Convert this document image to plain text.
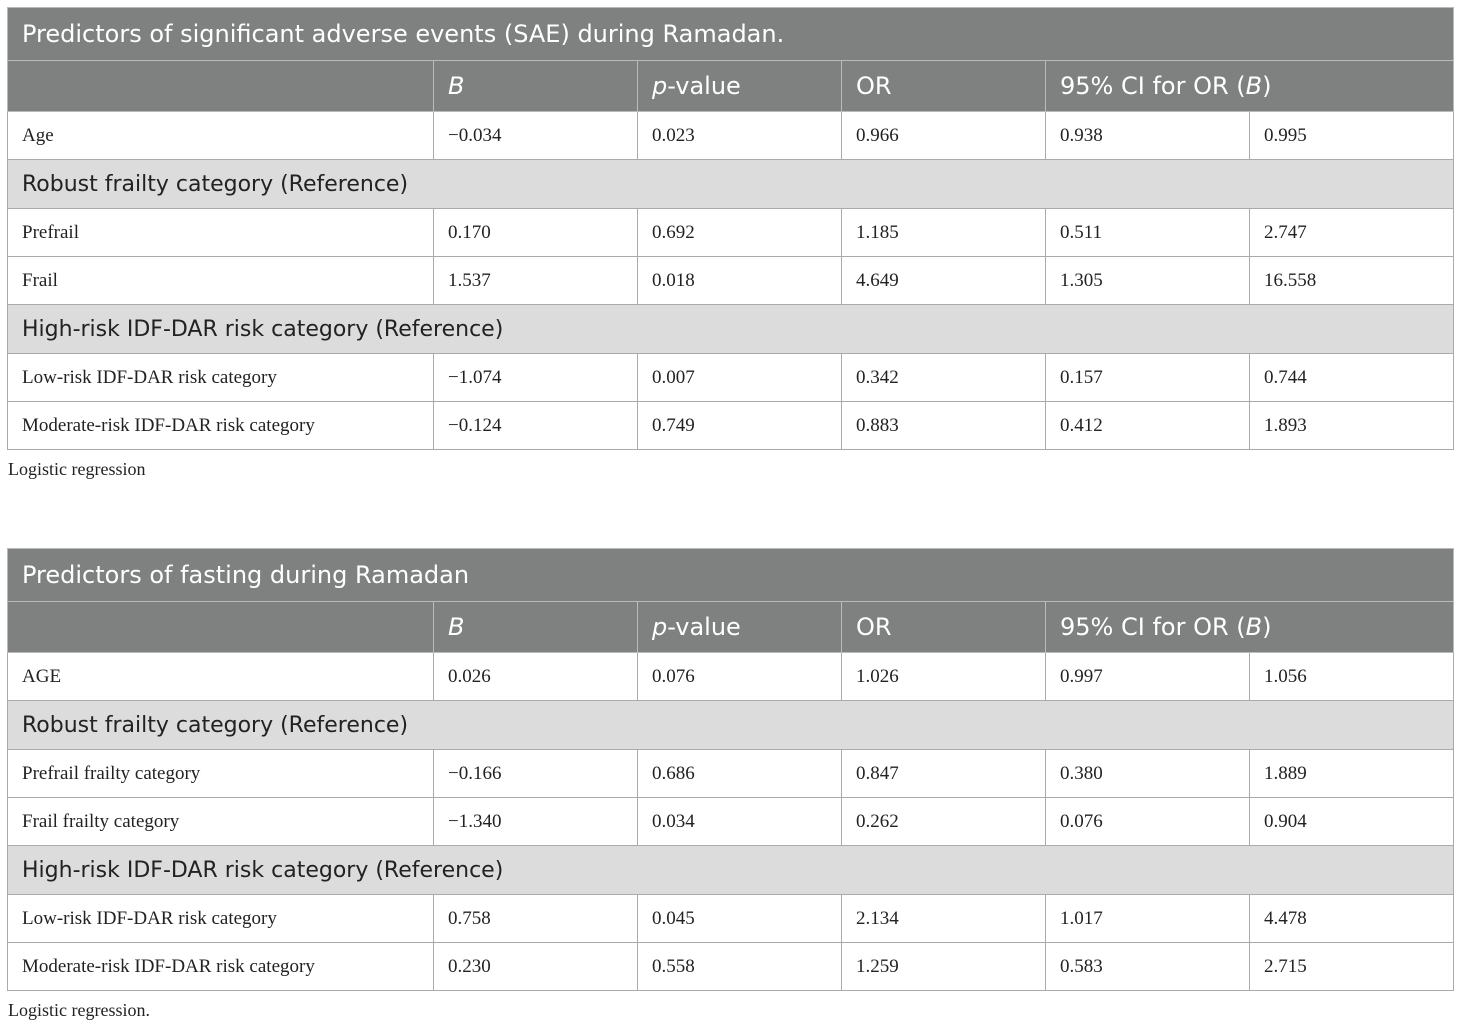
Predictors of significant adverse events (SAE) during Ramadan.					
	B	p-value	OR	95% CI for OR (B)	
Age	−0.034	0.023	0.966	0.938	0.995
Robust frailty category (Reference)					
Prefrail	0.170	0.692	1.185	0.511	2.747
Frail	1.537	0.018	4.649	1.305	16.558
High-risk IDF-DAR risk category (Reference)					
Low-risk IDF-DAR risk category	−1.074	0.007	0.342	0.157	0.744
Moderate-risk IDF-DAR risk category	−0.124	0.749	0.883	0.412	1.893
Logistic regression
Predictors of fasting during Ramadan					
	B	p-value	OR	95% CI for OR (B)	
AGE	0.026	0.076	1.026	0.997	1.056
Robust frailty category (Reference)					
Prefrail frailty category	−0.166	0.686	0.847	0.380	1.889
Frail frailty category	−1.340	0.034	0.262	0.076	0.904
High-risk IDF-DAR risk category (Reference)					
Low-risk IDF-DAR risk category	0.758	0.045	2.134	1.017	4.478
Moderate-risk IDF-DAR risk category	0.230	0.558	1.259	0.583	2.715
Logistic regression.
